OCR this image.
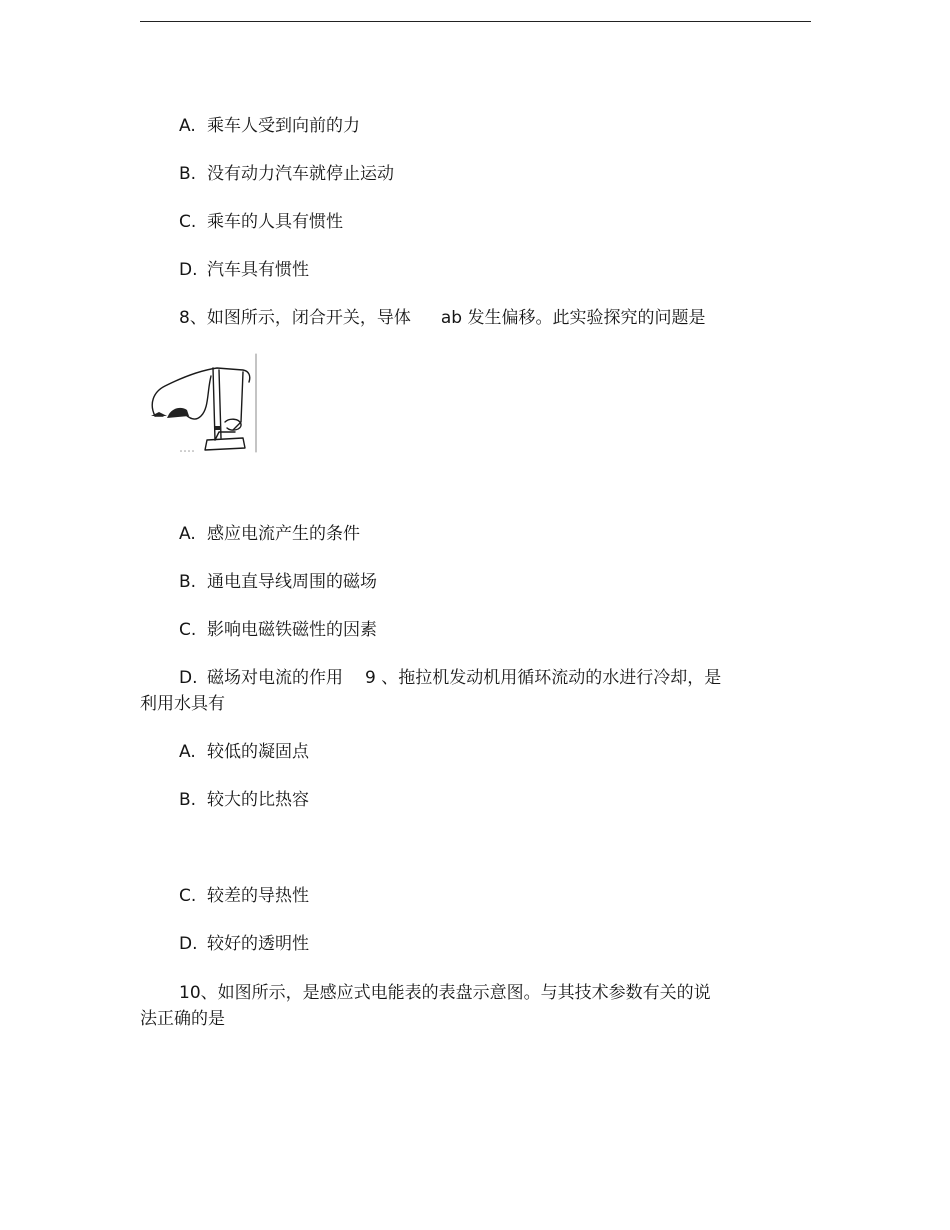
A. 乘车人受到向前的力
B. 没有动力汽车就停止运动
C. 乘车的人具有惯性
D. 汽车具有惯性
8、如图所示，闭合开关，导体 ab 发生偏移。此实验探究的问题是
A. 感应电流产生的条件
B. 通电直导线周围的磁场
C. 影响电磁铁磁性的因素
D. 磁场对电流的作用 9 、拖拉机发动机用循环流动的水进行冷却，是
利用水具有
A. 较低的凝固点
B. 较大的比热容
C. 较差的导热性
D. 较好的透明性
10、如图所示，是感应式电能表的表盘示意图。与其技术参数有关的说
法正确的是
